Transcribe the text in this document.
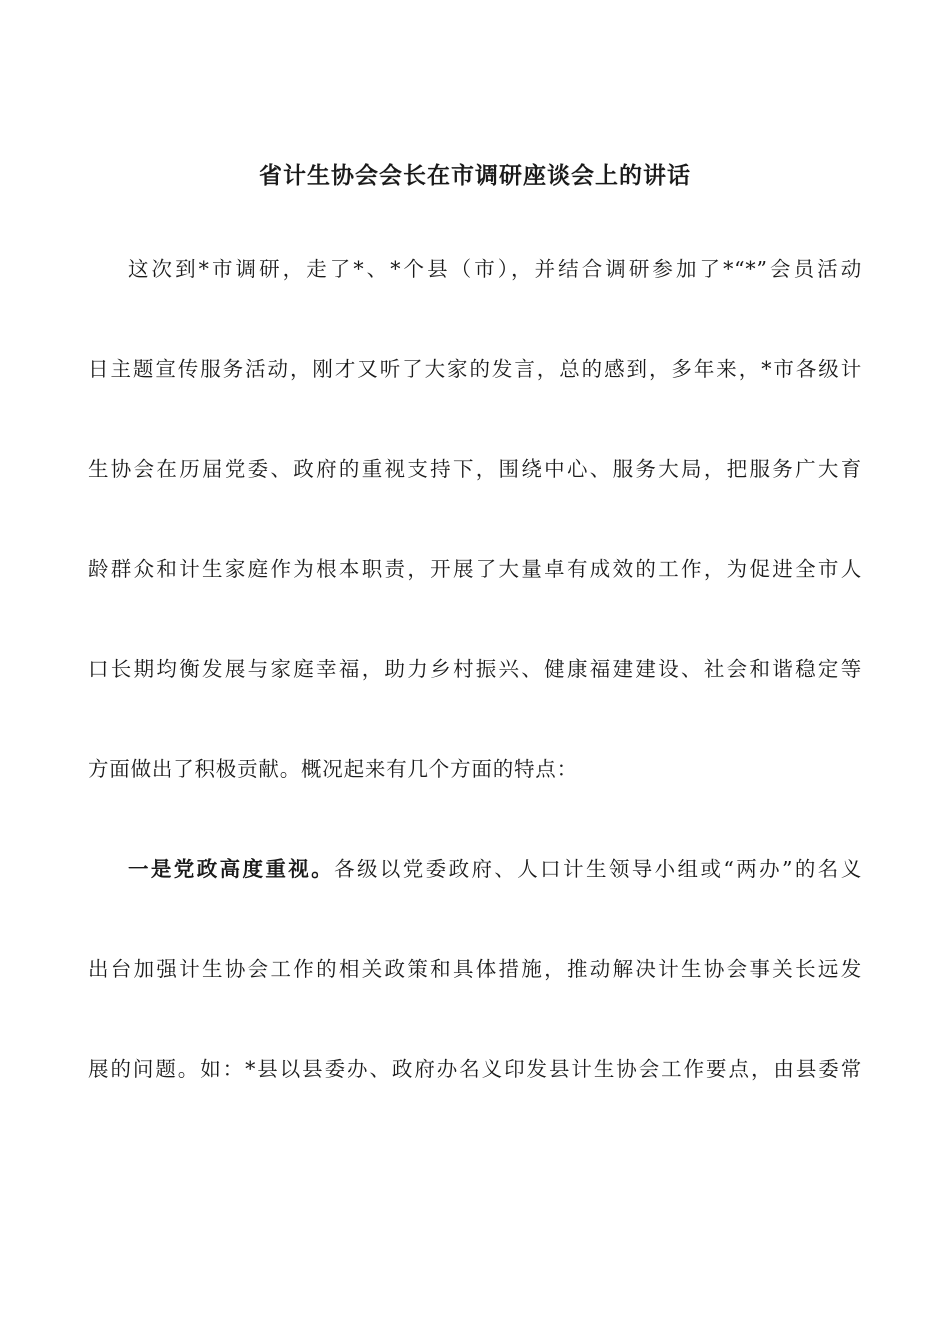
省计生协会会长在市调研座谈会上的讲话
这次到*市调研，走了*、*个县（市），并结合调研参加了*“*”会员活动
日主题宣传服务活动，刚才又听了大家的发言，总的感到，多年来，*市各级计
生协会在历届党委、政府的重视支持下，围绕中心、服务大局，把服务广大育
龄群众和计生家庭作为根本职责，开展了大量卓有成效的工作，为促进全市人
口长期均衡发展与家庭幸福，助力乡村振兴、健康福建建设、社会和谐稳定等
方面做出了积极贡献。概况起来有几个方面的特点：
一是党政高度重视。各级以党委政府、人口计生领导小组或“两办”的名义
出台加强计生协会工作的相关政策和具体措施，推动解决计生协会事关长远发
展的问题。如：*县以县委办、政府办名义印发县计生协会工作要点，由县委常
